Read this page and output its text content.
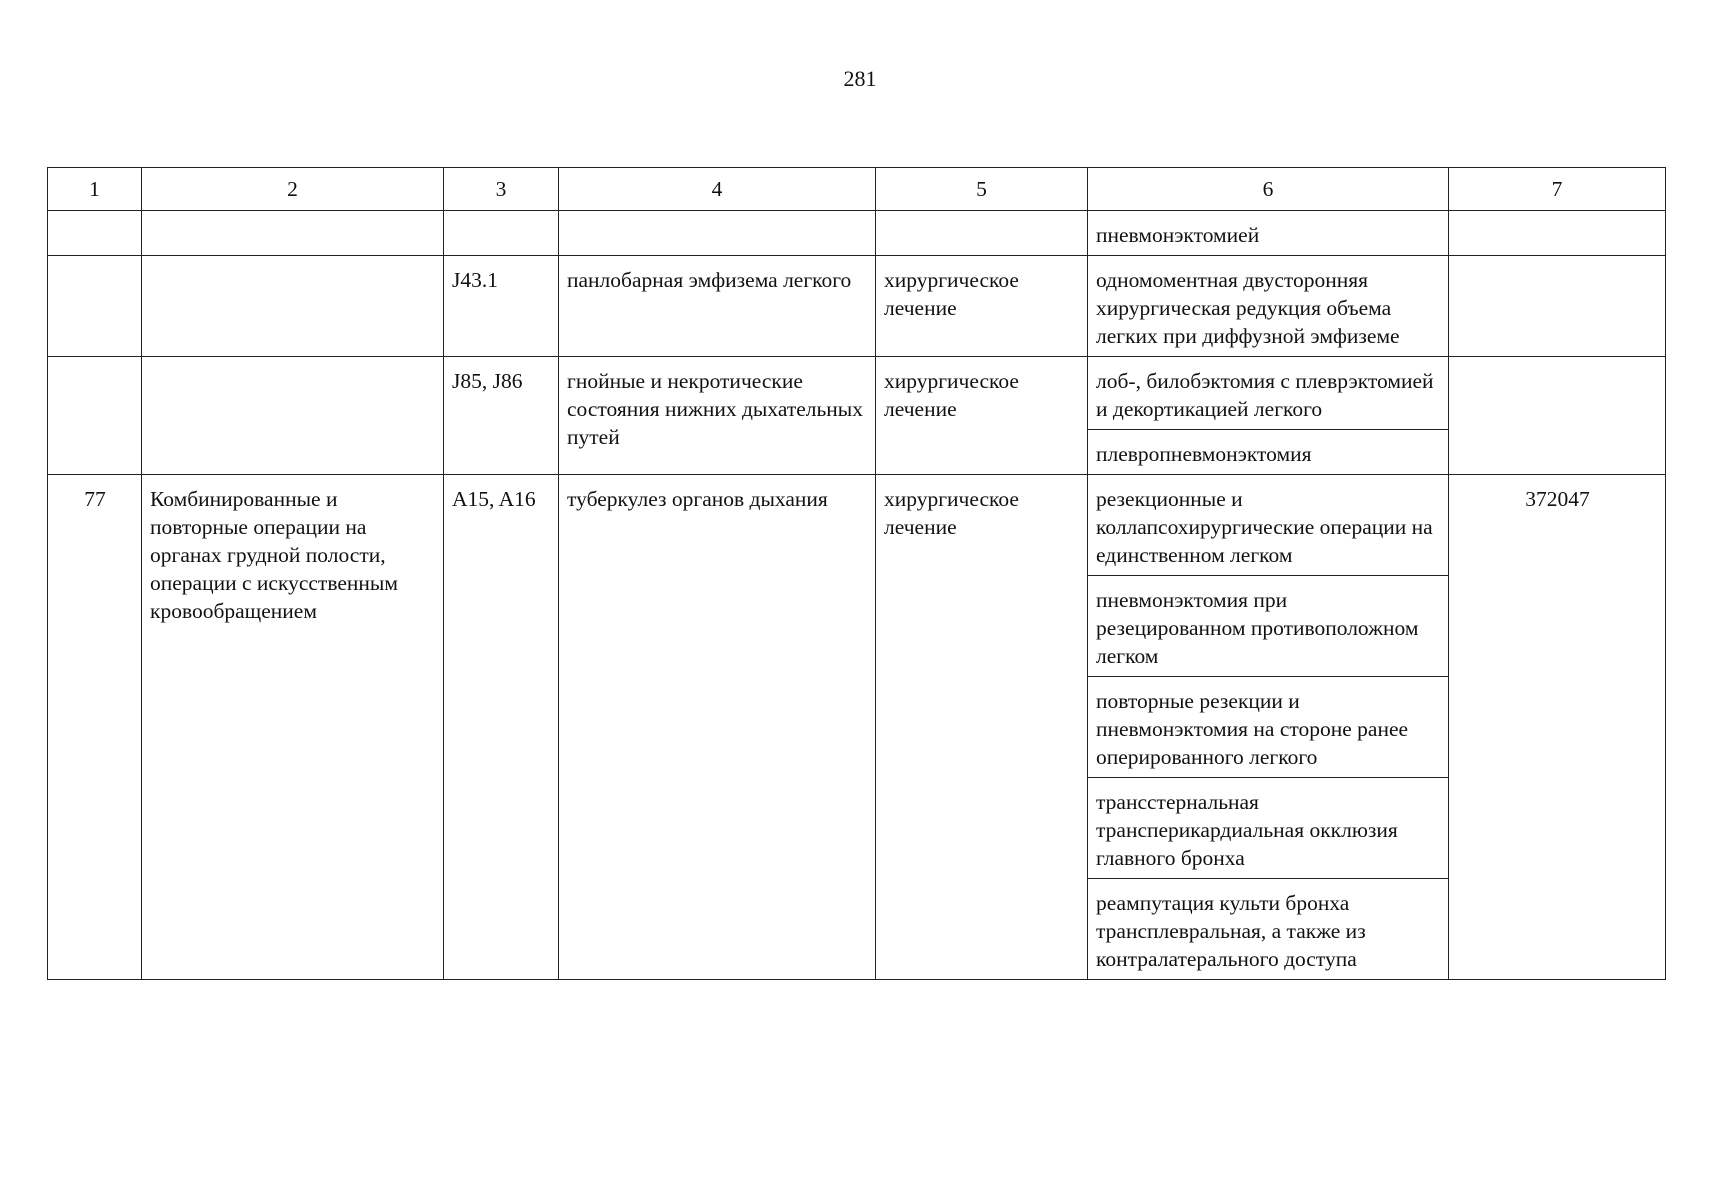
281
1	2	3	4	5	6	7
					пневмонэктомией	
		J43.1	панлобарная эмфизема легкого	хирургическое лечение	одномоментная двусторонняя хирургическая редукция объема легких при диффузной эмфиземе	
		J85, J86	гнойные и некротические состояния нижних дыхательных путей	хирургическое лечение	лоб-, билобэктомия с плеврэктомией и декортикацией легкого	
					плевропневмонэктомия	
77	Комбинированные и повторные операции на органах грудной полости, операции с искусственным кровообращением	A15, A16	туберкулез органов дыхания	хирургическое лечение	резекционные и коллапсохирургические операции на единственном легком	372047
					пневмонэктомия при резецированном противоположном легком	
					повторные резекции и пневмонэктомия на стороне ранее оперированного легкого	
					трансстернальная трансперикардиальная окклюзия главного бронха	
					реампутация культи бронха трансплевральная, а также из контралатерального доступа	
